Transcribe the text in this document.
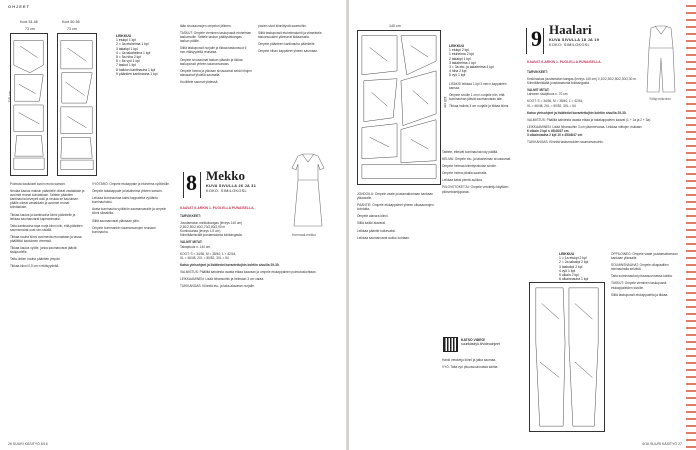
OHJEET
Koot 34-48
73 cm
115 cm
Koot 50-56
73 cm
LEIKKUU
1 etukpl 1 kpl
2 = 3a etuhelma 1 kpl
3 takakpl 1 kpl
4 = 4a takahelma 1 kpl
5 = 5a hiha 2 kpl
6 = 6a vyö 1 kpl
7 taskut 1 kpl
8 halkion kantinauha 1 kpl
9 pääntien kantinauha 1 kpl

tään sivusaumojen ompelun jälkeen.

TASKUT: Ompele vieminen taskupussit etuhelman taskumuille. Taittele taskun päällystekangas taskun päälle.

Silitä taskupussit nurjalle ja tikkaa taskunsuut 6 mm etäisyydeltä reunasta.

Ompele sivusaumat taskun yläosiin ja tikkaa taskupussit yhteen saumanvaraan.

Ompele helma ja yläosan sivusaumat sekä hihojen alasaumat yhdellä saumalla.

Huolittele saumat yhdessä.

posien sivut kiinnittyvät saumoihin.

Silitä taskupussit etuhelmakohti ja viimeistele taskunsuuden yläreunat tikkaamalla.

Ompele päänteen kantinauha pääntielle.

Ompele hihan kappaleet yhteen saumaan.

8 Mekko
KUVA SIVULLA 26 JA 31
KOKO: SIMILOKOSL
KAAVAT 6-ARKIN 1. PUOLELLA PUNAISELLA.
Hormaali-mekko

Poimuta kaulukset avoin reuna samoin.

Neulaa kaulus maksin pääntielle oikeat vastakkain ja avoimet reunat kohdakkain. Taittele pääntien kantinauha keveyeti auki ja neulaa se kauluksen päälle oikeat vastakkain ja avoimet reunat kohdakkain.

Tikkaa kaulus ja kantinauha kiinni pääntielle ja leikkaa saumanvarat kapeammaksi.

Taita kantinauha tapa nurja kiinni niin, että pääntien saumanvarat ovat sen sisällä.

Tikkaa nauha kiinni avoimesta reunastaan ja tasaa päällitikki kauluksen vieressä.

Tikkaa kaulus vyölle, jonka saumanvarat jäävät sisäpuolelle.

Taita ohtien nauha pääntien ympäri.

Tikkaa kiinni 0,5 cm:n etäisyydeltä.

VYÖTÄRÖ: Ompele etukappale ja etuhelma vyötärölle.

Ompele takakappale ja takahelma yhteen samoin.

Leikkaa kuminauhaa kaksi kappaletta vyötärön kuminauhoksi.

Aseta kuminauha vyötärön saumanvaralle ja ompele kiinni siksakilla.

Silitä saumanvarat yläosaan päin.

Ompele kummankin saumanvarojen reunaan kuminauha.

TARVIKKEET:

Joustamaton mekkokangas (leveys 140 cm)
2,50/2,50/2,60/2,70/2,80/2,90 m
Kuminauhaa (leveys 1,5 cm)

Kiinnittämisvälit joustamatonta tukikangasta.

VALMIT MITAT:

Takapituus n. 140 cm.

KOOT: S = 34/36, M = 38/40, L = 42/44,

XL = 46/48, 2XL = 50/52, 3XL = 54

Katso yleisohjeet ja lisätiedot koraetettujhin kohtiin sivuilla 29-30.

VALMISTUS: Päällitä kahdesta osasta etkaa kaavaan ja ompele etukappaleen poimutuskohtaan.

LEIKKAAMINEN: Lisää hihansuihin ja helmaan 3 cm varaa.

TUKIKANGAS: Kiinnitä etu- ja taka-alavaran nurjalle.

26 SUURI KÄSITYÖ 6/16
140 cm
115 cm
LEIKKUU
1 etukpl 2 kpl
1 etuhelma 2 kpl
2 takakpl 1 kpl
3 takahelma 1 kpl
3 = 3a etu- ja takahelma 4 kpl
4 hiha 2 kpl
5 vyö 1 kpl

LISÄKSI leikkaa 1 kpl 3 mm:n kappaleen kanssa.

Ompele sivulle 1 cm:n nurjalle niin, että kuminauhan jäävät saumanvaran alle.

Tikkaa halinta 3 cm nurjalle ja tikkaa kiinni.

9 Haalari
KUVA SIVULLA 18 JA 19
KOKO: SIMILOKOSL
KAAVAT 6-ARKIN 1. PUOLELLA PUNAISELLA.
Yöläp mikrofon

TARVIKKEET:

Keskiraskas joustamaton kangas (leveys 140 cm) 2,10/2,30/2,50/2,30/2,30 m.

Kiinnittämistaitä joustamatonta tukikangasta.

VALMIT MITAT:

Lahkeen sisäpituus n. 70 cm.

KOOT: S = 34/36, M = 38/40, L = 42/44,

XL = 46/48, 2XL = 50/52, 3XL = 54

Katso yleisohjeet ja lisätiedot koraetettujhin kohtiin sivuilla 29-30.

VALMISTUS: Päällitä kahdesta osasta etkaa ja takakappaleen kaavat (1 + 1a ja 2 + 3a).

LEIKKAAMINEN: Lisää hihansuihin 3 cm päärmevaraa. Leikkaa mittojen mukaan:
6 olkain 2 kpl n 45/46/47 cm

3 olkainnauha 2 kpl 10 x 45/46/47 cm

TUKIKANGAS: Kiinnitä taskunsuiden saumanvaroihin.

JOHDOILU: Ompele vaate joustamattomaan kankaan yläaosalle.

PÄÄNTIE: Ompele etukappaleet yhteen olkasaumojen kohdalta.

Ompele alavara kiinni.

Silitä kaikki alavarat.

Leikkaa pääntie kulkevaksi.

Leikkaa saumanvarat aukko kohtaan.

Taittele, etteivät kuminauhat näy päältä.

HELMA: Ompele etu- ja takahelman sivusaumat.

Ompele helmaa kiinnitysrikolan sivulle.

Ompele helma pikalla saumalla.

Leikkaa kaksi pientä aukkoa.

PIILOVETOKETJU: Ompele vetoketju käyttäen piilovetoketjuparaa.

KATSO VIDEO!
suurikäsityö.fi/videoohjeet

Hanki vetoketju kiinni ja jatka saumaa.

VYÖ: Taita vyö pituussuunnassa kahtia.

LEIKKUU
1 = 1a etukpl 2 kpl
2 = 2a takakpl 2 kpl
3 taskukpl 2 kpl
4 vyö 1 kpl
5 olkain 2 kpl
6 olkainnauha 1 kpl

OPPILOINEG: Ompele vaate joustamattomaan kankaan yläosalle.

SOLMINSNAUHAT: Ompele olkapaallien mininauhalla selvästi.

Taita solminnauhat pituussuunnassa kahtia.

TASKUT: Ompele vieminen taskupussit etukappaleiden sivuille.

Silitä taskupussit etukappaleita ja tikkaa.

6/16 SUURI KÄSITYÖ 27
